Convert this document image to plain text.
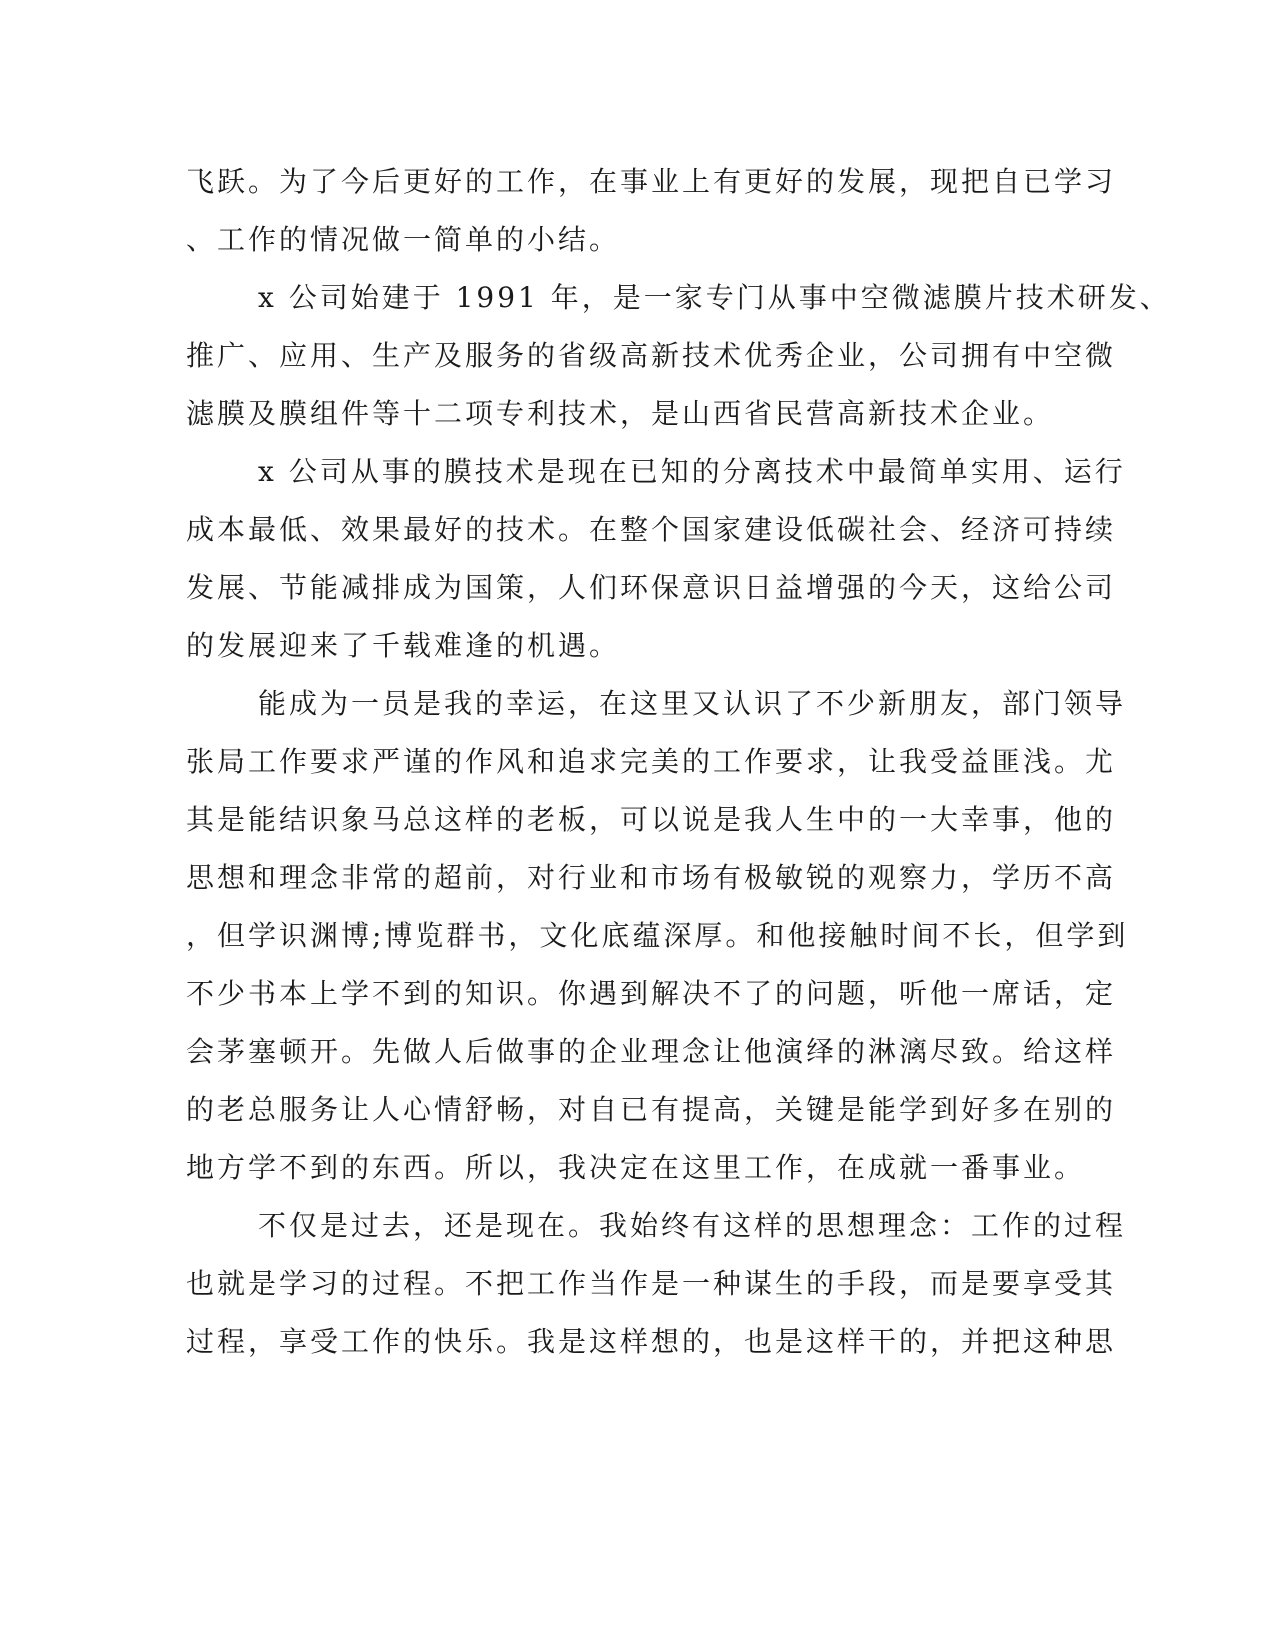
飞跃。为了今后更好的工作，在事业上有更好的发展，现把自已学习

、工作的情况做一简单的小结。

x 公司始建于 1991 年，是一家专门从事中空微滤膜片技术研发、

推广、应用、生产及服务的省级高新技术优秀企业，公司拥有中空微

滤膜及膜组件等十二项专利技术，是山西省民营高新技术企业。

x 公司从事的膜技术是现在已知的分离技术中最简单实用、运行

成本最低、效果最好的技术。在整个国家建设低碳社会、经济可持续

发展、节能减排成为国策，人们环保意识日益增强的今天，这给公司

的发展迎来了千载难逢的机遇。

能成为一员是我的幸运，在这里又认识了不少新朋友，部门领导

张局工作要求严谨的作风和追求完美的工作要求，让我受益匪浅。尤

其是能结识象马总这样的老板，可以说是我人生中的一大幸事，他的

思想和理念非常的超前，对行业和市场有极敏锐的观察力，学历不高

，但学识渊博;博览群书，文化底蕴深厚。和他接触时间不长，但学到

不少书本上学不到的知识。你遇到解决不了的问题，听他一席话，定

会茅塞顿开。先做人后做事的企业理念让他演绎的淋漓尽致。给这样

的老总服务让人心情舒畅，对自已有提高，关键是能学到好多在别的

地方学不到的东西。所以，我决定在这里工作，在成就一番事业。

不仅是过去，还是现在。我始终有这样的思想理念：工作的过程

也就是学习的过程。不把工作当作是一种谋生的手段，而是要享受其

过程，享受工作的快乐。我是这样想的，也是这样干的，并把这种思
